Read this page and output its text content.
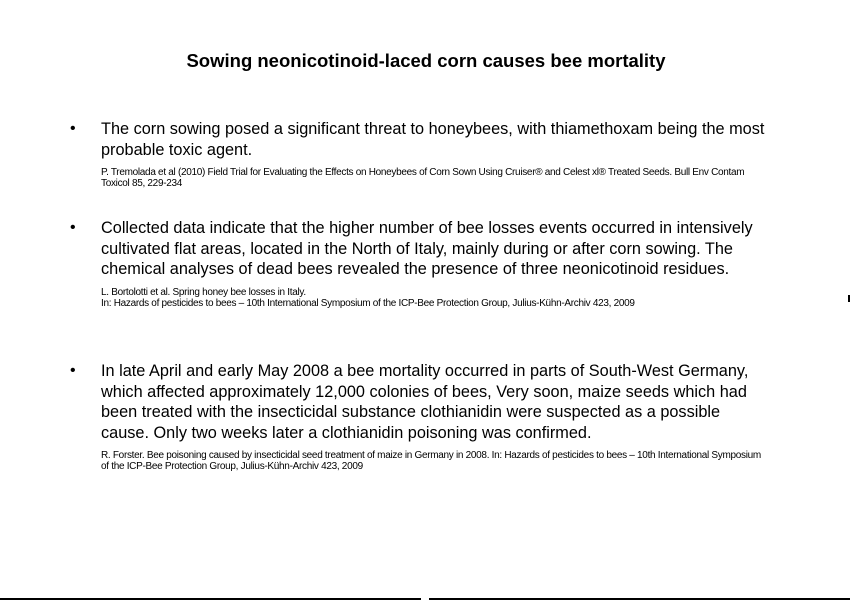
Sowing neonicotinoid-laced corn causes bee mortality
• The corn sowing posed a significant threat to honeybees, with thiamethoxam being the most probable toxic agent.
P. Tremolada et al (2010) Field Trial for Evaluating the Effects on Honeybees of Corn Sown Using Cruiser® and Celest xl® Treated Seeds. Bull Env Contam Toxicol 85, 229-234
• Collected data indicate that the higher number of bee losses events occurred in intensively cultivated flat areas, located in the North of Italy, mainly during or after corn sowing. The chemical analyses of dead bees revealed the presence of three neonicotinoid residues.
L. Bortolotti et al. Spring honey bee losses in Italy.
In: Hazards of pesticides to bees – 10th International Symposium of the ICP-Bee Protection Group, Julius-Kühn-Archiv 423, 2009
• In late April and early May 2008 a bee mortality occurred in parts of South-West Germany, which affected approximately 12,000 colonies of bees, Very soon, maize seeds which had been treated with the insecticidal substance clothianidin were suspected as a possible cause. Only two weeks later a clothianidin poisoning was confirmed.
R. Forster. Bee poisoning caused by insecticidal seed treatment of maize in Germany in 2008. In: Hazards of pesticides to bees – 10th International Symposium of the ICP-Bee Protection Group, Julius-Kühn-Archiv 423, 2009
